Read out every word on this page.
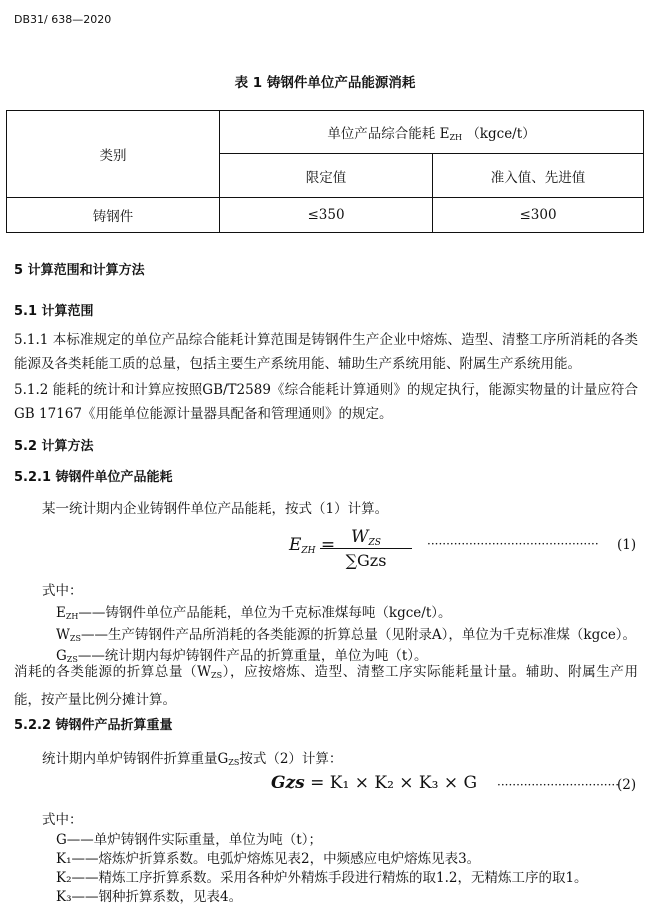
DB31/ 638—2020
表 1 铸钢件单位产品能源消耗
类别	单位产品综合能耗 $E_{ZH}$ （kgce/t）	
	限定值	准入值、先进值
铸钢件	≤350	≤300
5 计算范围和计算方法
5.1 计算范围
5.1.1 本标准规定的单位产品综合能耗计算范围是铸钢件生产企业中熔炼、造型、清整工序所消耗的各类能源及各类耗能工质的总量，包括主要生产系统用能、辅助生产系统用能、附属生产系统用能。
5.1.2 能耗的统计和计算应按照GB/T2589《综合能耗计算通则》的规定执行，能源实物量的计量应符合GB 17167《用能单位能源计量器具配备和管理通则》的规定。
5.2 计算方法
5.2.1 铸钢件单位产品能耗
某一统计期内企业铸钢件单位产品能耗，按式（1）计算。
EZH = WZS
∑Gzs
············································· (1)
式中：
$E_{ZH}——$铸钢件单位产品能耗，单位为千克标准煤每吨（kgce/t）。
$W_{ZS}——$生产铸钢件产品所消耗的各类能源的折算总量（见附录A），单位为千克标准煤（kgce）。
$G_{ZS}——$统计期内每炉铸钢件产品的折算重量，单位为吨（t）。
消耗的各类能源的折算总量$(W_{ZS})$，应按熔炼、造型、清整工序实际能耗量计量。辅助、附属生产用能，按产量比例分摊计算。
5.2.2 铸钢件产品折算重量
统计期内单炉铸钢件折算重量$G_{ZS}$按式（2）计算：
Gzs = K₁ × K₂ × K₃ × G ································
(2)
式中：
G——单炉铸钢件实际重量，单位为吨（t）；
K₁——熔炼炉折算系数。电弧炉熔炼见表2，中频感应电炉熔炼见表3。
K₂——精炼工序折算系数。采用各种炉外精炼手段进行精炼的取1.2，无精炼工序的取1。
K₃——钢种折算系数，见表4。
